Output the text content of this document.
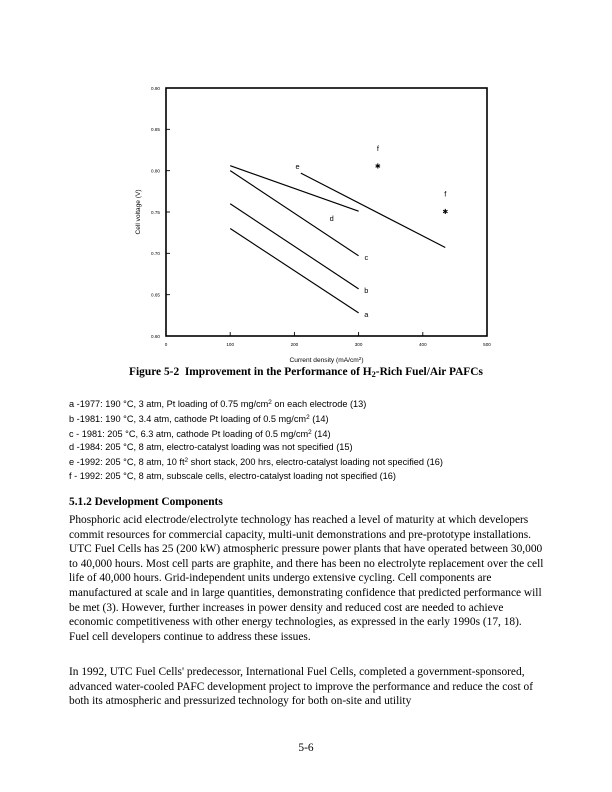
0.60
0.65
0.70
0.75
0.80
0.85
0.90
0	100	200	300	400	500
Current density $(mA/cm^2)$
Cell voltage (V)
a
b
c
d
e	✱
f
✱
f
Figure 5-2 Improvement in the Performance of $H_2$-Rich Fuel/Air PAFCs
a -1977: 190 °C, 3 atm, Pt loading of 0.75 $mg/cm^2$ on each electrode (13)
b -1981: 190 °C, 3.4 atm, cathode Pt loading of 0.5 $mg/cm^2$ (14)
c - 1981: 205 °C, 6.3 atm, cathode Pt loading of 0.5 $mg/cm^2$ (14)
d -1984: 205 °C, 8 atm, electro-catalyst loading was not specified (15)
e -1992: 205 °C, 8 atm, 10 $ft^2$ short stack, 200 hrs, electro-catalyst loading not specified (16)
f - 1992: 205 °C, 8 atm, subscale cells, electro-catalyst loading not specified (16)
5.1.2 Development Components
Phosphoric acid electrode/electrolyte technology has reached a level of maturity at which developers commit resources for commercial capacity, multi-unit demonstrations and pre-prototype installations. UTC Fuel Cells has 25 (200 kW) atmospheric pressure power plants that have operated between 30,000 to 40,000 hours. Most cell parts are graphite, and there has been no electrolyte replacement over the cell life of 40,000 hours. Grid-independent units undergo extensive cycling. Cell components are manufactured at scale and in large quantities, demonstrating confidence that predicted performance will be met (3). However, further increases in power density and reduced cost are needed to achieve economic competitiveness with other energy technologies, as expressed in the early 1990s (17, 18). Fuel cell developers continue to address these issues.
In 1992, UTC Fuel Cells' predecessor, International Fuel Cells, completed a government-sponsored, advanced water-cooled PAFC development project to improve the performance and reduce the cost of both its atmospheric and pressurized technology for both on-site and utility
5-6
